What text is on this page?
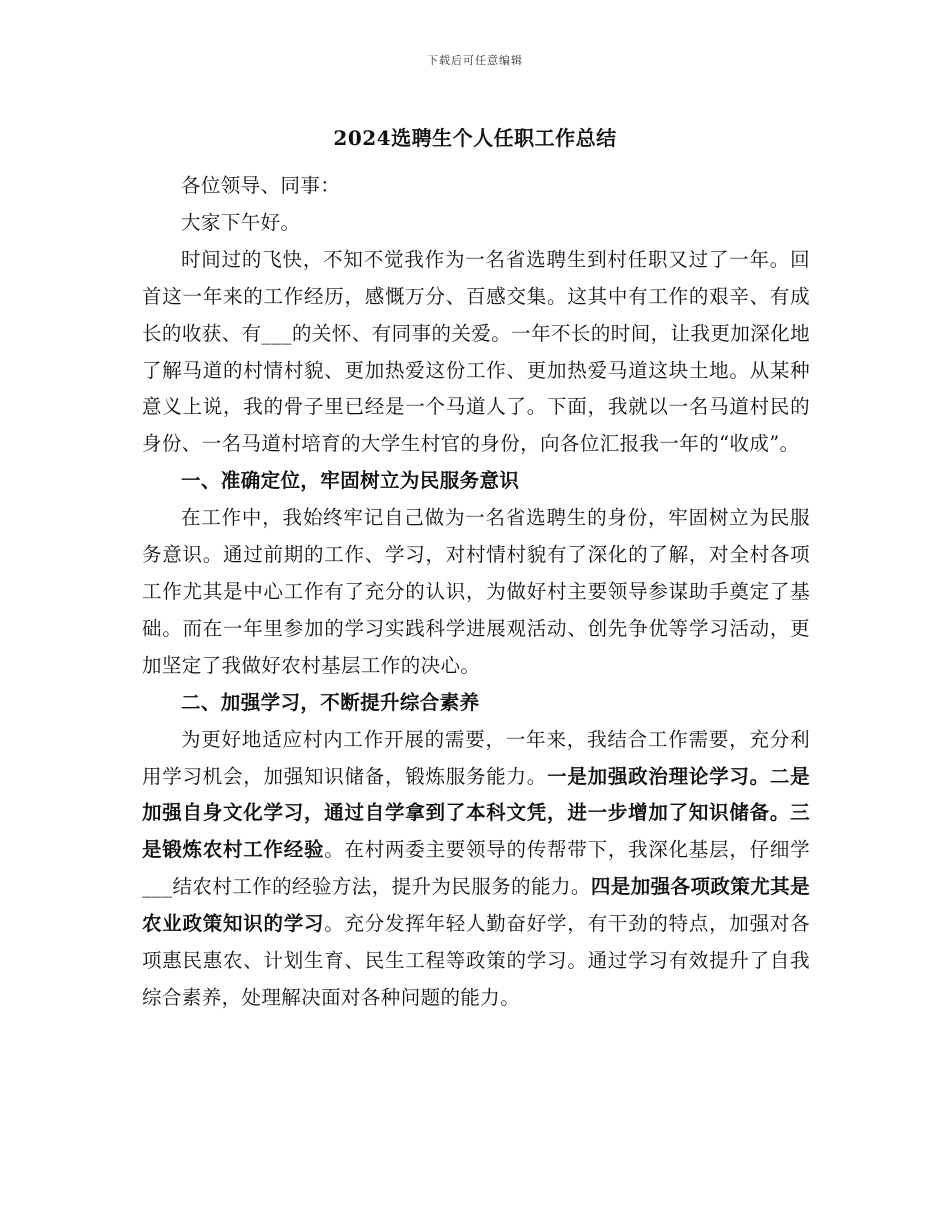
下载后可任意编辑
2024选聘生个人任职工作总结

各位领导、同事：

大家下午好。

时间过的飞快，不知不觉我作为一名省选聘生到村任职又过了一年。回首这一年来的工作经历，感慨万分、百感交集。这其中有工作的艰辛、有成长的收获、有___的关怀、有同事的关爱。一年不长的时间，让我更加深化地了解马道的村情村貌、更加热爱这份工作、更加热爱马道这块土地。从某种意义上说，我的骨子里已经是一个马道人了。下面，我就以一名马道村民的身份、一名马道村培育的大学生村官的身份，向各位汇报我一年的“收成”。

一、准确定位，牢固树立为民服务意识

在工作中，我始终牢记自己做为一名省选聘生的身份，牢固树立为民服务意识。通过前期的工作、学习，对村情村貌有了深化的了解，对全村各项工作尤其是中心工作有了充分的认识，为做好村主要领导参谋助手奠定了基础。而在一年里参加的学习实践科学进展观活动、创先争优等学习活动，更加坚定了我做好农村基层工作的决心。

二、加强学习，不断提升综合素养

为更好地适应村内工作开展的需要，一年来，我结合工作需要，充分利用学习机会，加强知识储备，锻炼服务能力。一是加强政治理论学习。二是加强自身文化学习，通过自学拿到了本科文凭，进一步增加了知识储备。三是锻炼农村工作经验。在村两委主要领导的传帮带下，我深化基层，仔细学___结农村工作的经验方法，提升为民服务的能力。四是加强各项政策尤其是农业政策知识的学习。充分发挥年轻人勤奋好学，有干劲的特点，加强对各项惠民惠农、计划生育、民生工程等政策的学习。通过学习有效提升了自我综合素养，处理解决面对各种问题的能力。
